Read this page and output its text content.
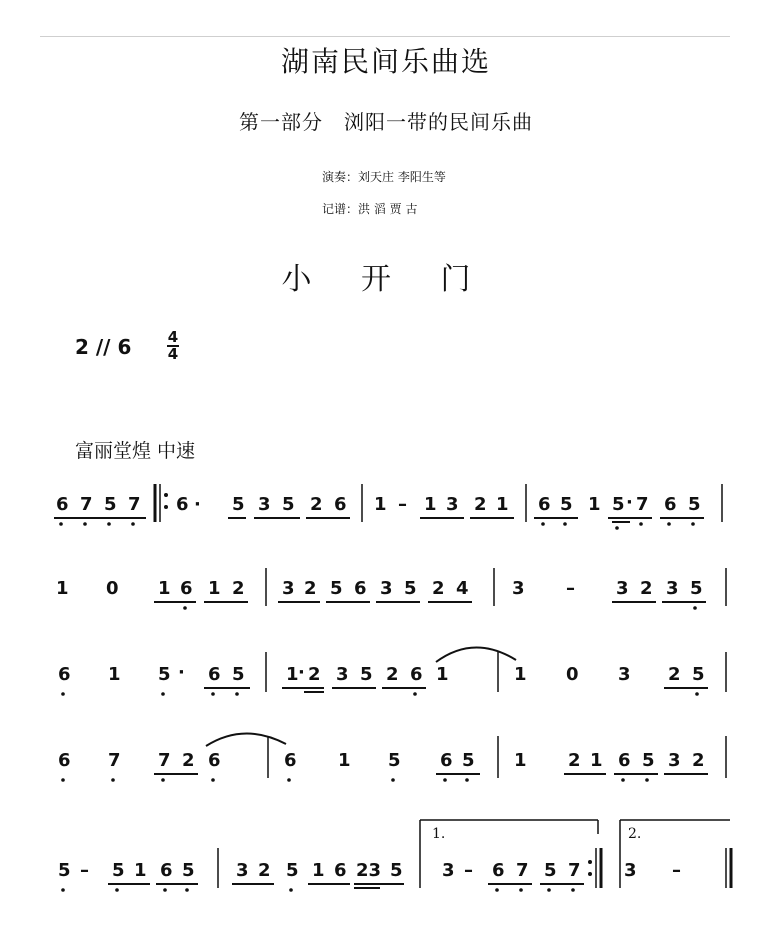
湖南民间乐曲选
第一部分　浏阳一带的民间乐曲
演奏：刘天庄 李阳生等
记谱：洪 滔 贾 古
小 开 门
2 // 6 4
4
富丽堂煌 中速
6 7 5 7 6 · 5 3 5 2 6 1 – 1 3 2 1 6 5 1 5 · 7 6 5
1 0 1 6 1 2 3 2 5 6 3 5 2 4 3 – 3 2 3 5
6 1 5 · 6 5 1 · 2 3 5 2 6 1	1 0 3 2 5
6 7 7 2 6	6 1 5 6 5 1 2 1 6 5 3 2
5 – 5 1 6 5 3 2 5 1 6 23 5
1.
3 – 6 7 5 7
2.
3 –
